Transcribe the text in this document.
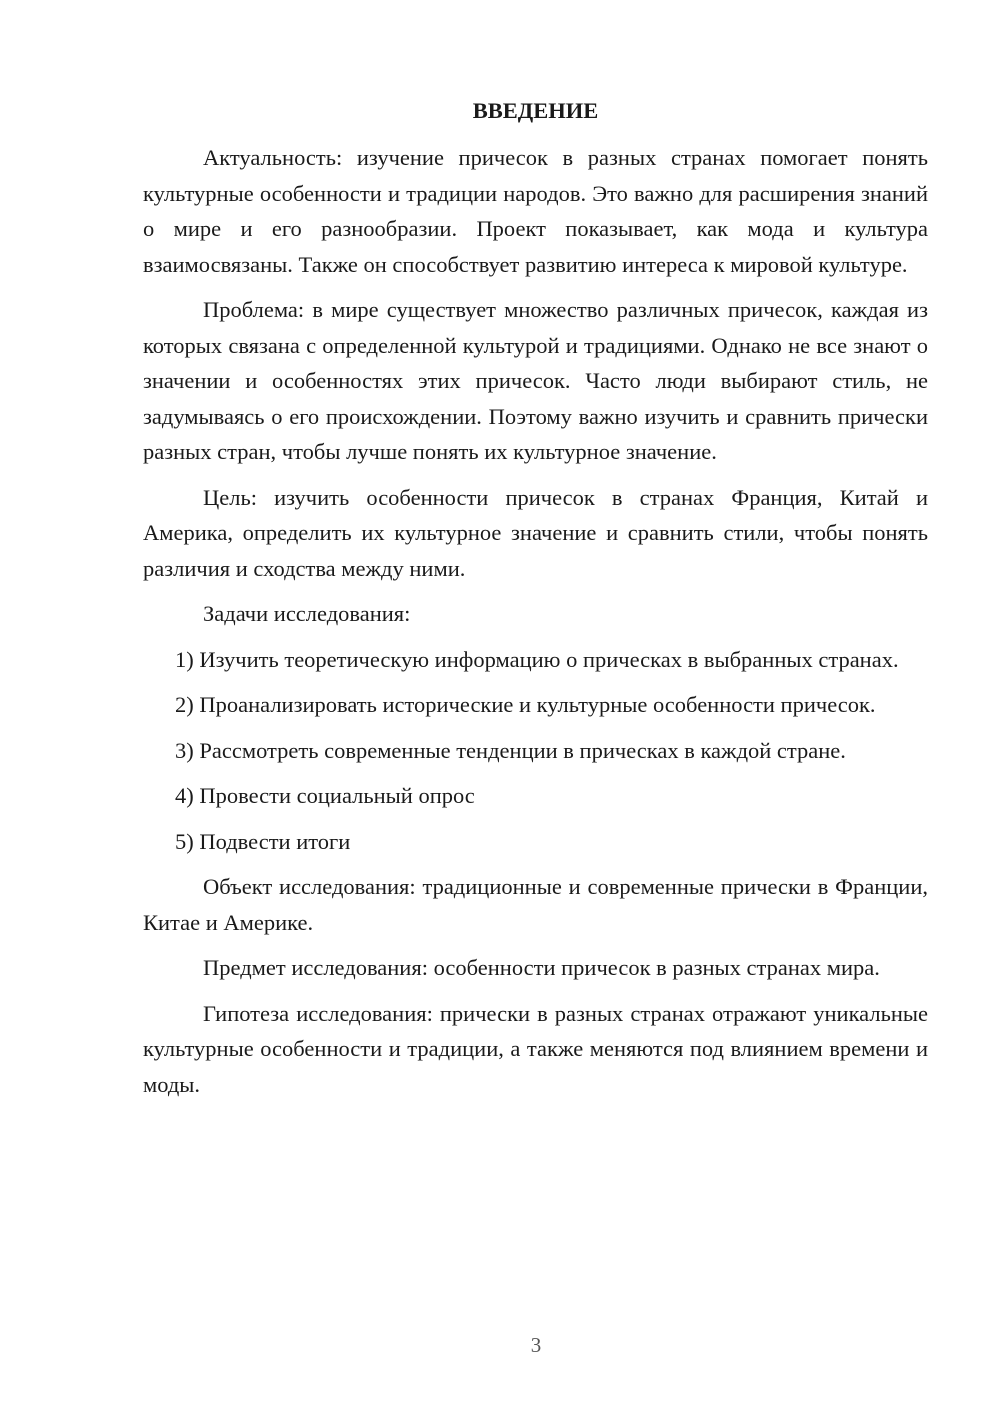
ВВЕДЕНИЕ

Актуальность: изучение причесок в разных странах помогает понять культурные особенности и традиции народов. Это важно для расширения знаний о мире и его разнообразии. Проект показывает, как мода и культура взаимосвязаны. Также он способствует развитию интереса к мировой культуре.

Проблема: в мире существует множество различных причесок, каждая из которых связана с определенной культурой и традициями. Однако не все знают о значении и особенностях этих причесок. Часто люди выбирают стиль, не задумываясь о его происхождении. Поэтому важно изучить и сравнить прически разных стран, чтобы лучше понять их культурное значение.

Цель: изучить особенности причесок в странах Франция, Китай и Америка, определить их культурное значение и сравнить стили, чтобы понять различия и сходства между ними.

Задачи исследования:

1) Изучить теоретическую информацию о прическах в выбранных странах.

2) Проанализировать исторические и культурные особенности причесок.

3) Рассмотреть современные тенденции в прическах в каждой стране.

4) Провести социальный опрос

5) Подвести итоги

Объект исследования: традиционные и современные прически в Франции, Китае и Америке.

Предмет исследования: особенности причесок в разных странах мира.

Гипотеза исследования: прически в разных странах отражают уникальные культурные особенности и традиции, а также меняются под влиянием времени и моды.

3
